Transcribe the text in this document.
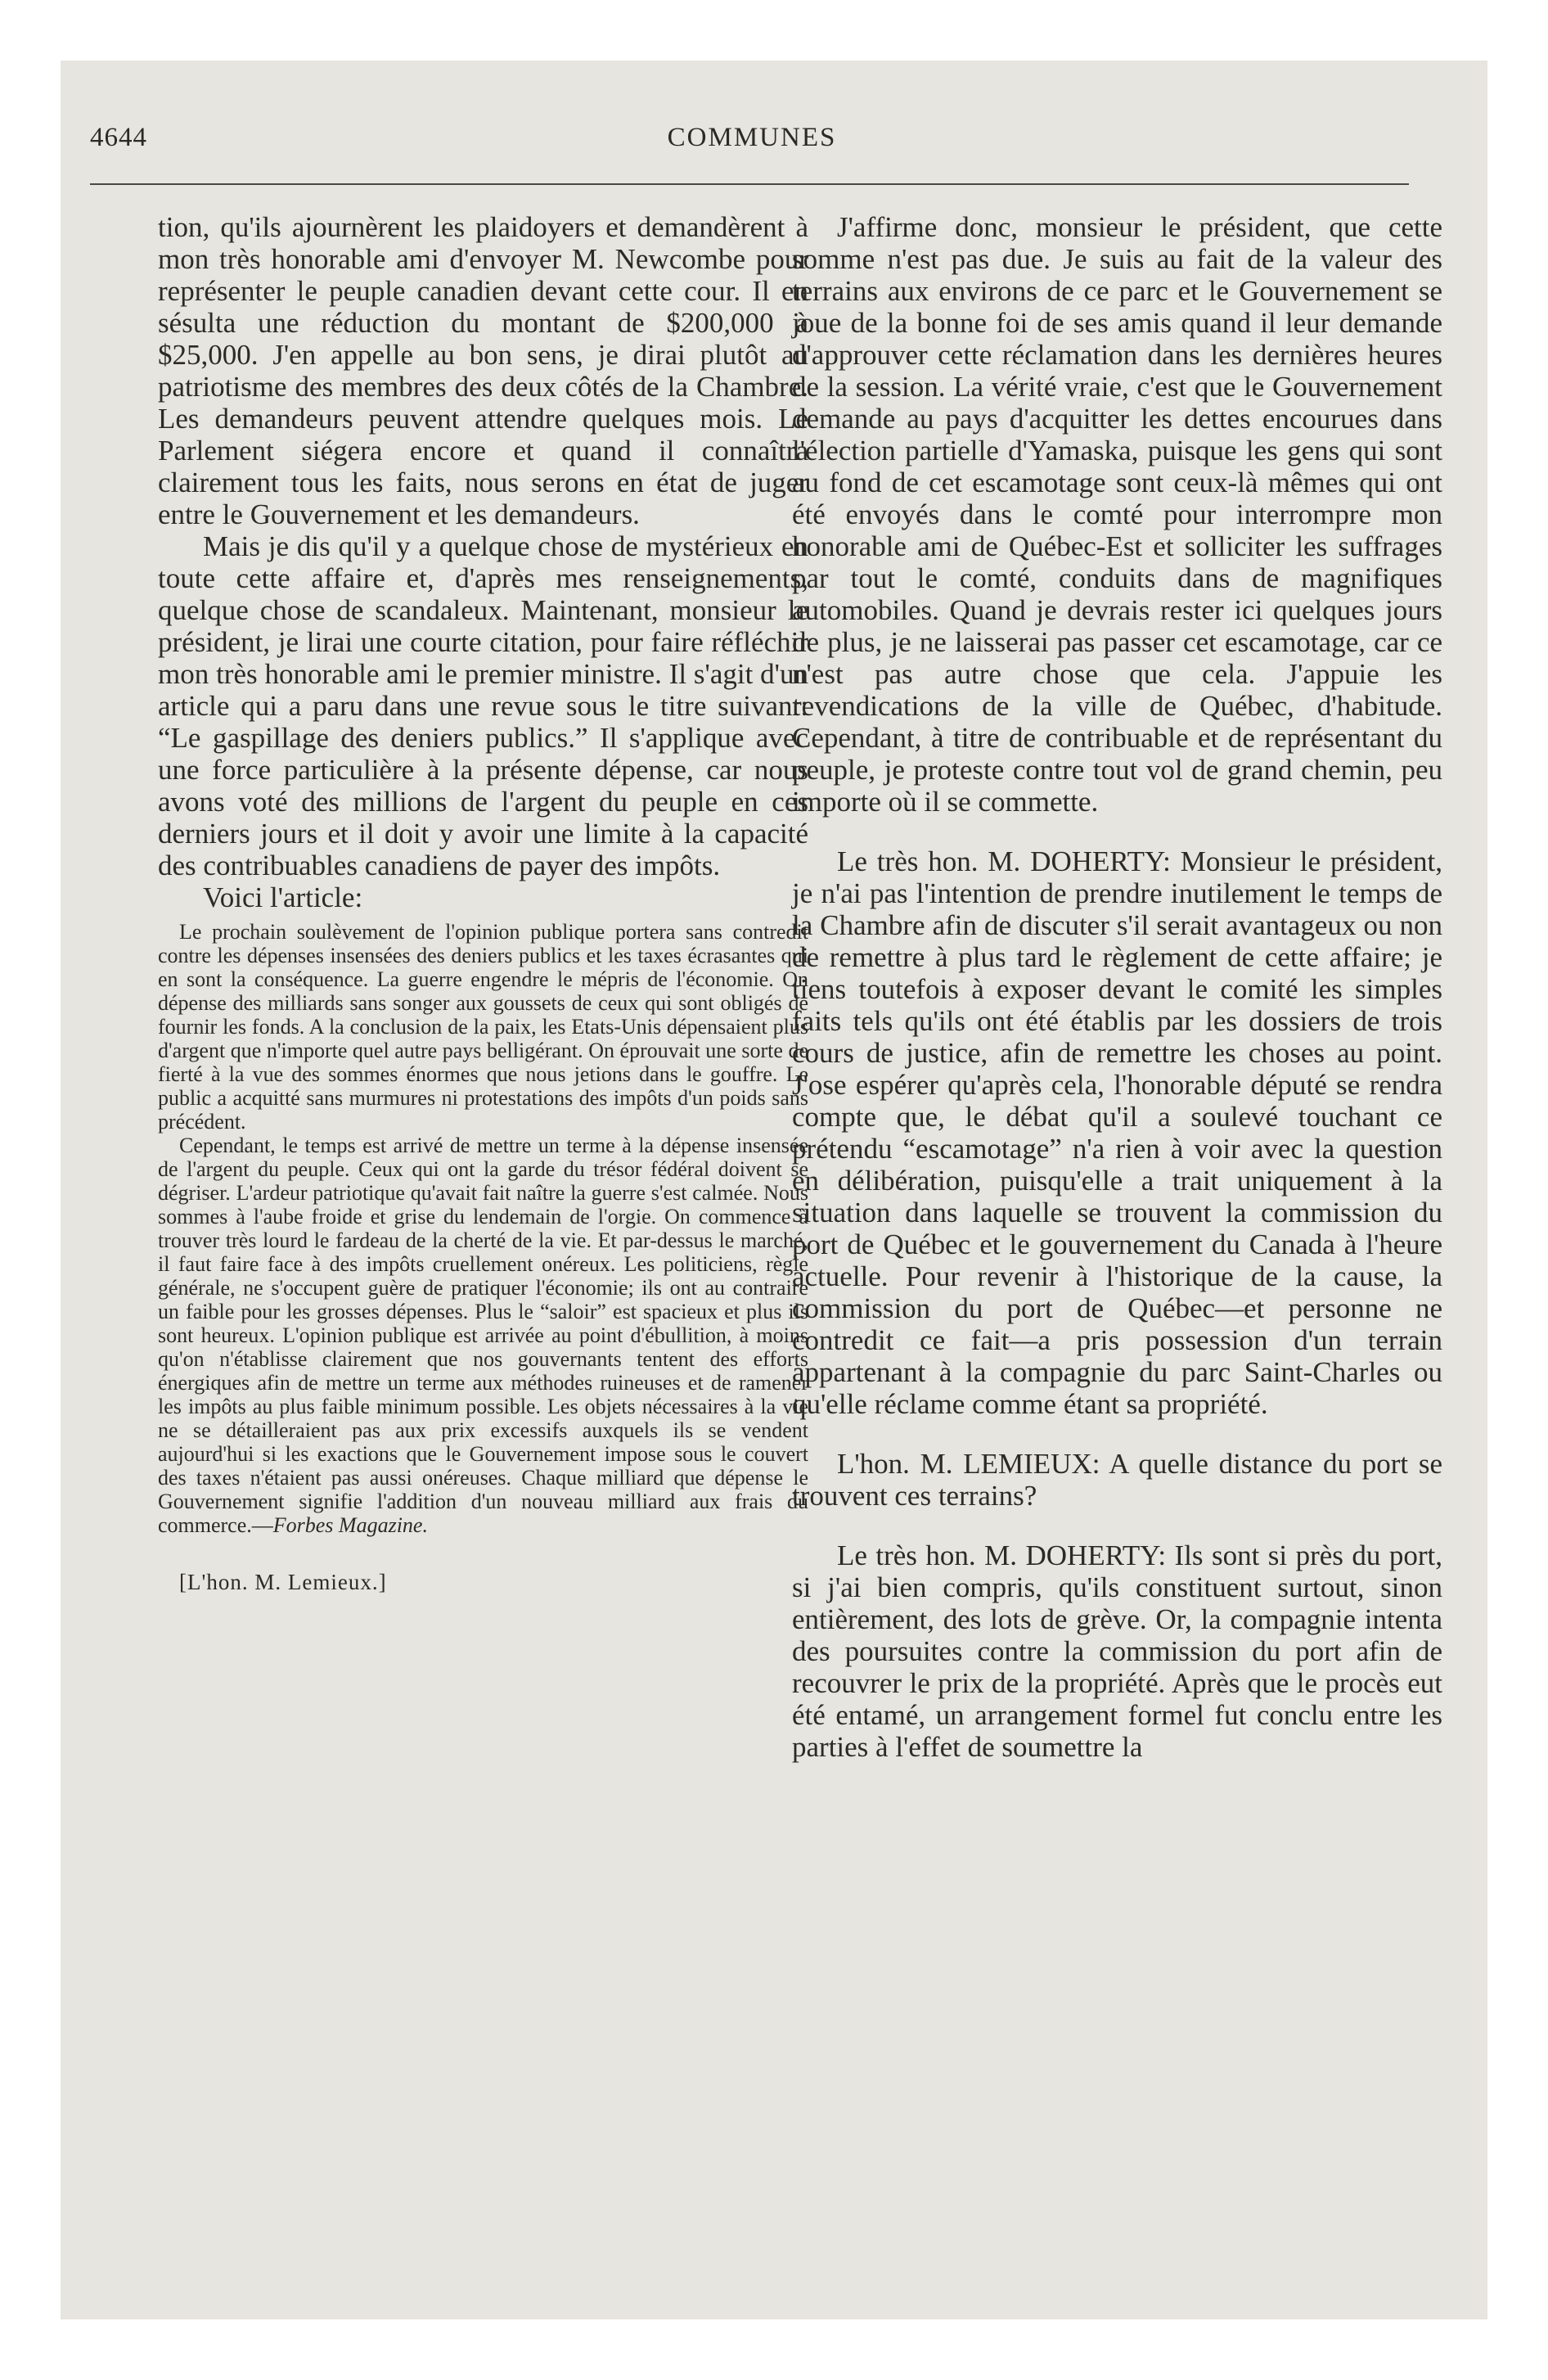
4644	COMMUNES

tion, qu'ils ajournèrent les plaidoyers et demandèrent à mon très honorable ami d'envoyer M. Newcombe pour représenter le peuple canadien devant cette cour. Il en sésulta une réduction du montant de $200,000 à $25,000. J'en appelle au bon sens, je dirai plutôt au patriotisme des membres des deux côtés de la Chambre. Les demandeurs peuvent attendre quelques mois. Le Parlement siégera encore et quand il connaîtra clairement tous les faits, nous serons en état de juger entre le Gouvernement et les demandeurs.

Mais je dis qu'il y a quelque chose de mystérieux en toute cette affaire et, d'après mes renseignements, quelque chose de scandaleux. Maintenant, monsieur le président, je lirai une courte citation, pour faire réfléchir mon très honorable ami le premier ministre. Il s'agit d'un article qui a paru dans une revue sous le titre suivant: “Le gaspillage des deniers publics.” Il s'applique avec une force particulière à la présente dépense, car nous avons voté des millions de l'argent du peuple en ces derniers jours et il doit y avoir une limite à la capacité des contribuables canadiens de payer des impôts.

Voici l'article:

Le prochain soulèvement de l'opinion publique portera sans contredit contre les dépenses insensées des deniers publics et les taxes écrasantes qui en sont la conséquence. La guerre engendre le mépris de l'économie. On dépense des milliards sans songer aux goussets de ceux qui sont obligés de fournir les fonds. A la conclusion de la paix, les Etats-Unis dépensaient plus d'argent que n'importe quel autre pays belligérant. On éprouvait une sorte de fierté à la vue des sommes énormes que nous jetions dans le gouffre. Le public a acquitté sans murmures ni protestations des impôts d'un poids sans précédent.

Cependant, le temps est arrivé de mettre un terme à la dépense insensée de l'argent du peuple. Ceux qui ont la garde du trésor fédéral doivent se dégriser. L'ardeur patriotique qu'avait fait naître la guerre s'est calmée. Nous sommes à l'aube froide et grise du lendemain de l'orgie. On commence à trouver très lourd le fardeau de la cherté de la vie. Et par-dessus le marché, il faut faire face à des impôts cruellement onéreux. Les politiciens, règle générale, ne s'occupent guère de pratiquer l'économie; ils ont au contraire un faible pour les grosses dépenses. Plus le “saloir” est spacieux et plus ils sont heureux. L'opinion publique est arrivée au point d'ébullition, à moins qu'on n'établisse clairement que nos gouvernants tentent des efforts énergiques afin de mettre un terme aux méthodes ruineuses et de ramener les impôts au plus faible minimum possible. Les objets nécessaires à la vie ne se détailleraient pas aux prix excessifs auxquels ils se vendent aujourd'hui si les exactions que le Gouvernement impose sous le couvert des taxes n'étaient pas aussi onéreuses. Chaque milliard que dépense le Gouvernement signifie l'addition d'un nouveau milliard aux frais du commerce.—Forbes Magazine.

[L'hon. M. Lemieux.]

J'affirme donc, monsieur le président, que cette somme n'est pas due. Je suis au fait de la valeur des terrains aux environs de ce parc et le Gouvernement se joue de la bonne foi de ses amis quand il leur demande d'approuver cette réclamation dans les dernières heures de la session. La vérité vraie, c'est que le Gouvernement demande au pays d'acquitter les dettes encourues dans l'élection partielle d'Yamaska, puisque les gens qui sont au fond de cet escamotage sont ceux-là mêmes qui ont été envoyés dans le comté pour interrompre mon honorable ami de Québec-Est et solliciter les suffrages par tout le comté, conduits dans de magnifiques automobiles. Quand je devrais rester ici quelques jours de plus, je ne laisserai pas passer cet escamotage, car ce n'est pas autre chose que cela. J'appuie les revendications de la ville de Québec, d'habitude. Cependant, à titre de contribuable et de représentant du peuple, je proteste contre tout vol de grand chemin, peu importe où il se commette.

Le très hon. M. DOHERTY: Monsieur le président, je n'ai pas l'intention de prendre inutilement le temps de la Chambre afin de discuter s'il serait avantageux ou non de remettre à plus tard le règlement de cette affaire; je tiens toutefois à exposer devant le comité les simples faits tels qu'ils ont été établis par les dossiers de trois cours de justice, afin de remettre les choses au point. J'ose espérer qu'après cela, l'honorable député se rendra compte que, le débat qu'il a soulevé touchant ce prétendu “escamotage” n'a rien à voir avec la question en délibération, puisqu'elle a trait uniquement à la situation dans laquelle se trouvent la commission du port de Québec et le gouvernement du Canada à l'heure actuelle. Pour revenir à l'historique de la cause, la commission du port de Québec—et personne ne contredit ce fait—a pris possession d'un terrain appartenant à la compagnie du parc Saint-Charles ou qu'elle réclame comme étant sa propriété.

L'hon. M. LEMIEUX: A quelle distance du port se trouvent ces terrains?

Le très hon. M. DOHERTY: Ils sont si près du port, si j'ai bien compris, qu'ils constituent surtout, sinon entièrement, des lots de grève. Or, la compagnie intenta des poursuites contre la commission du port afin de recouvrer le prix de la propriété. Après que le procès eut été entamé, un arrangement formel fut conclu entre les parties à l'effet de soumettre la
